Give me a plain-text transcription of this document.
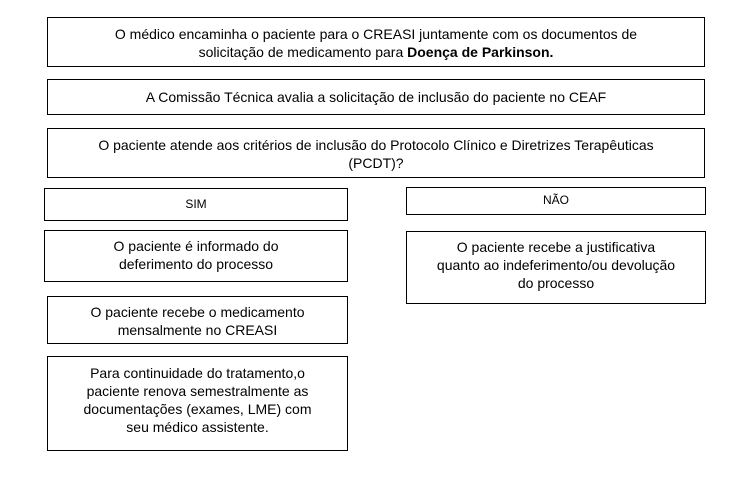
O médico encaminha o paciente para o CREASI juntamente com os documentos de
solicitação de medicamento para Doença de Parkinson.
A Comissão Técnica avalia a solicitação de inclusão do paciente no CEAF
O paciente atende aos critérios de inclusão do Protocolo Clínico e Diretrizes Terapêuticas
(PCDT)?
SIM	NÃO
O paciente é informado do
deferimento do processo
O paciente recebe o medicamento
mensalmente no CREASI
Para continuidade do tratamento,o
paciente renova semestralmente as
documentações (exames, LME) com
seu médico assistente.
O paciente recebe a justificativa
quanto ao indeferimento/ou devolução
do processo
